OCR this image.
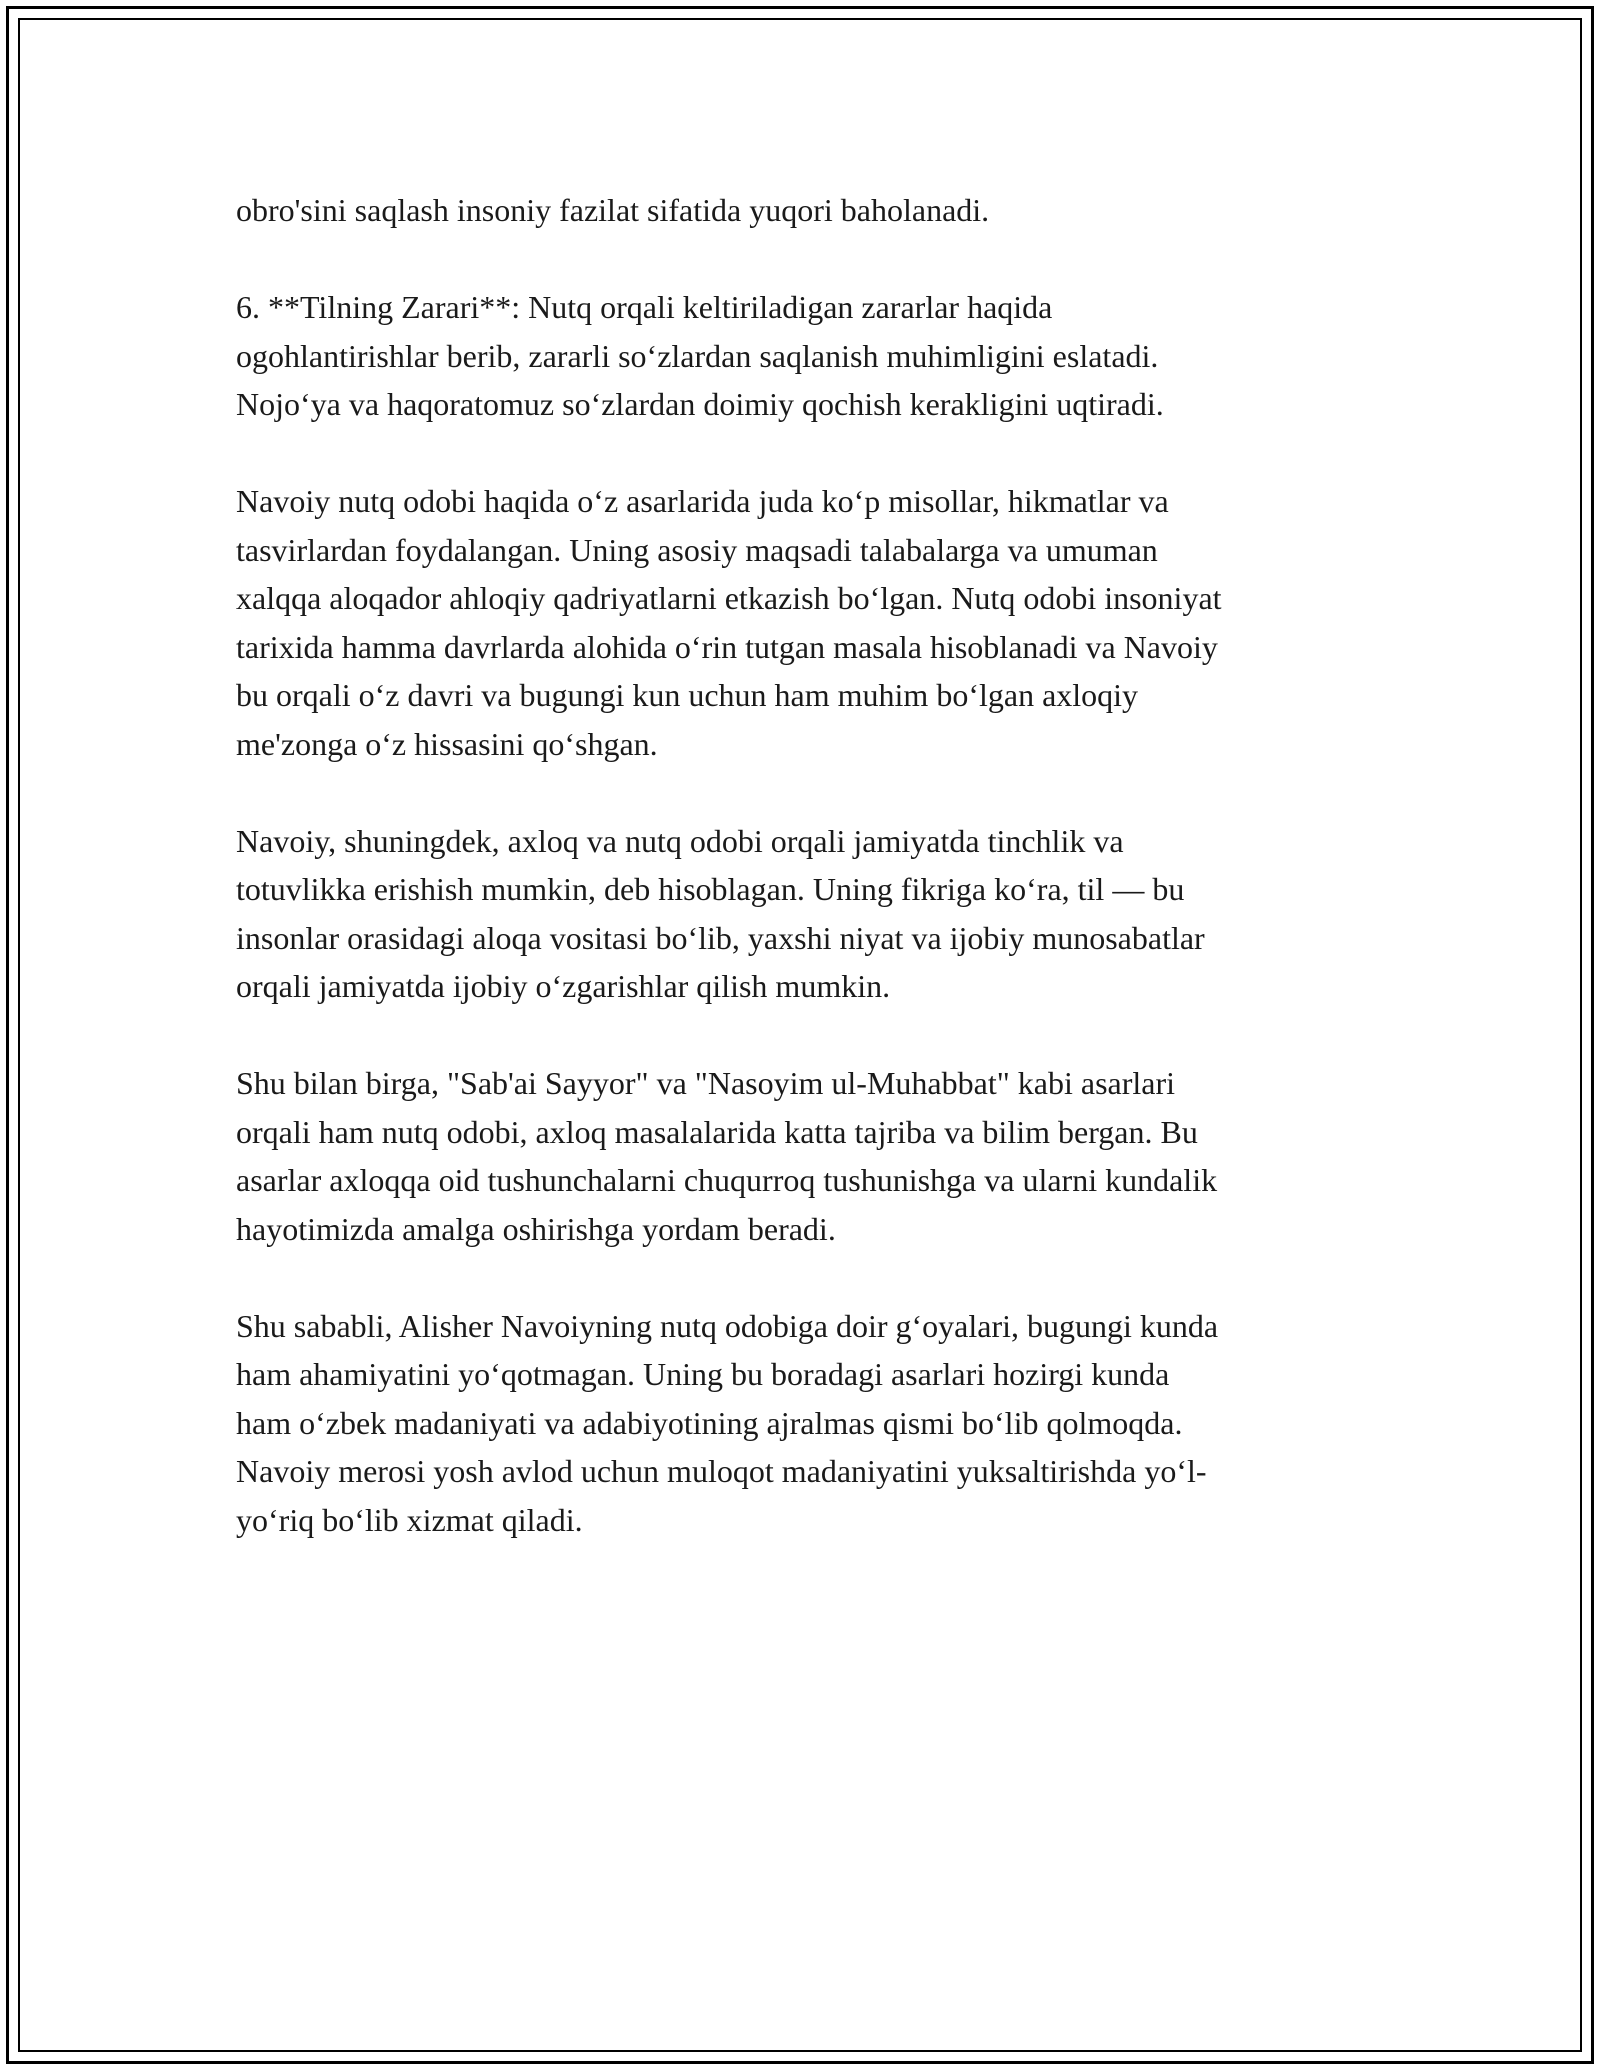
obro'sini saqlash insoniy fazilat sifatida yuqori baholanadi.
6. **Tilning Zarari**: Nutq orqali keltiriladigan zararlar haqida
ogohlantirishlar berib, zararli so‘zlardan saqlanish muhimligini eslatadi.
Nojo‘ya va haqoratomuz so‘zlardan doimiy qochish kerakligini uqtiradi.
Navoiy nutq odobi haqida o‘z asarlarida juda ko‘p misollar, hikmatlar va
tasvirlardan foydalangan. Uning asosiy maqsadi talabalarga va umuman
xalqqa aloqador ahloqiy qadriyatlarni etkazish bo‘lgan. Nutq odobi insoniyat
tarixida hamma davrlarda alohida o‘rin tutgan masala hisoblanadi va Navoiy
bu orqali o‘z davri va bugungi kun uchun ham muhim bo‘lgan axloqiy
me'zonga o‘z hissasini qo‘shgan.
Navoiy, shuningdek, axloq va nutq odobi orqali jamiyatda tinchlik va
totuvlikka erishish mumkin, deb hisoblagan. Uning fikriga ko‘ra, til — bu
insonlar orasidagi aloqa vositasi bo‘lib, yaxshi niyat va ijobiy munosabatlar
orqali jamiyatda ijobiy o‘zgarishlar qilish mumkin.
Shu bilan birga, "Sab'ai Sayyor" va "Nasoyim ul-Muhabbat" kabi asarlari
orqali ham nutq odobi, axloq masalalarida katta tajriba va bilim bergan. Bu
asarlar axloqqa oid tushunchalarni chuqurroq tushunishga va ularni kundalik
hayotimizda amalga oshirishga yordam beradi.
Shu sababli, Alisher Navoiyning nutq odobiga doir g‘oyalari, bugungi kunda
ham ahamiyatini yo‘qotmagan. Uning bu boradagi asarlari hozirgi kunda
ham o‘zbek madaniyati va adabiyotining ajralmas qismi bo‘lib qolmoqda.
Navoiy merosi yosh avlod uchun muloqot madaniyatini yuksaltirishda yo‘l-
yo‘riq bo‘lib xizmat qiladi.
